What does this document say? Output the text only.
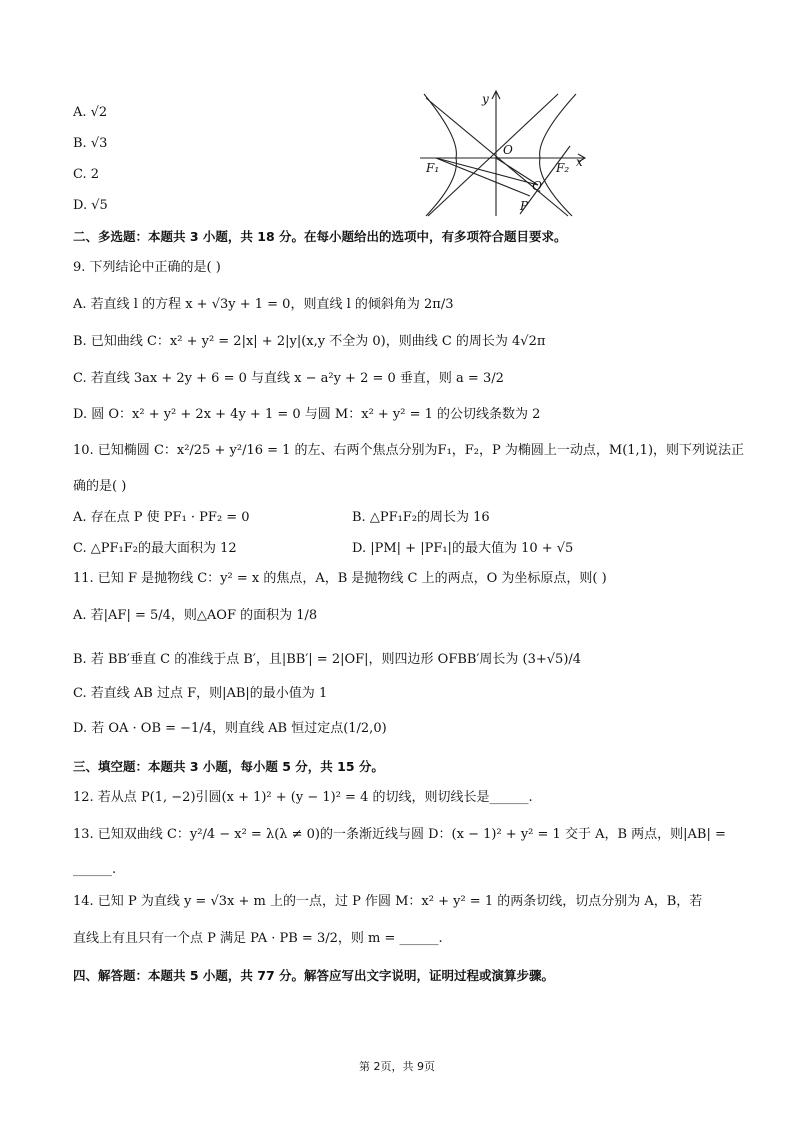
A. √2
B. √3
C. 2
D. √5
y
O
F₁	F₂ x
Q
P
二、多选题：本题共 3 小题，共 18 分。在每小题给出的选项中，有多项符合题目要求。
9. 下列结论中正确的是( )
A. 若直线 l 的方程 x + √3y + 1 = 0，则直线 l 的倾斜角为 2π/3
B. 已知曲线 C：x² + y² = 2|x| + 2|y|(x,y 不全为 0)，则曲线 C 的周长为 4√2π
C. 若直线 3ax + 2y + 6 = 0 与直线 x − a²y + 2 = 0 垂直，则 a = 3/2
D. 圆 O：x² + y² + 2x + 4y + 1 = 0 与圆 M：x² + y² = 1 的公切线条数为 2
10. 已知椭圆 C：x²/25 + y²/16 = 1 的左、右两个焦点分别为F₁，F₂，P 为椭圆上一动点，M(1,1)，则下列说法正
确的是( )
A. 存在点 P 使 PF₁ · PF₂ = 0	B. △PF₁F₂的周长为 16
C. △PF₁F₂的最大面积为 12	D. |PM| + |PF₁|的最大值为 10 + √5
11. 已知 F 是抛物线 C：y² = x 的焦点，A，B 是抛物线 C 上的两点，O 为坐标原点，则( )
A. 若|AF| = 5/4，则△AOF 的面积为 1/8
B. 若 BB′垂直 C 的准线于点 B′，且|BB′| = 2|OF|，则四边形 OFBB′周长为 (3+√5)/4
C. 若直线 AB 过点 F，则|AB|的最小值为 1
D. 若 OA · OB = −1/4，则直线 AB 恒过定点(1/2,0)
三、填空题：本题共 3 小题，每小题 5 分，共 15 分。
12. 若从点 P(1, −2)引圆(x + 1)² + (y − 1)² = 4 的切线，则切线长是______.
13. 已知双曲线 C：y²/4 − x² = λ(λ ≠ 0)的一条渐近线与圆 D：(x − 1)² + y² = 1 交于 A，B 两点，则|AB| =
______.
14. 已知 P 为直线 y = √3x + m 上的一点，过 P 作圆 M：x² + y² = 1 的两条切线，切点分别为 A，B，若
直线上有且只有一个点 P 满足 PA · PB = 3/2，则 m = ______.
四、解答题：本题共 5 小题，共 77 分。解答应写出文字说明，证明过程或演算步骤。
第 2页，共 9页
